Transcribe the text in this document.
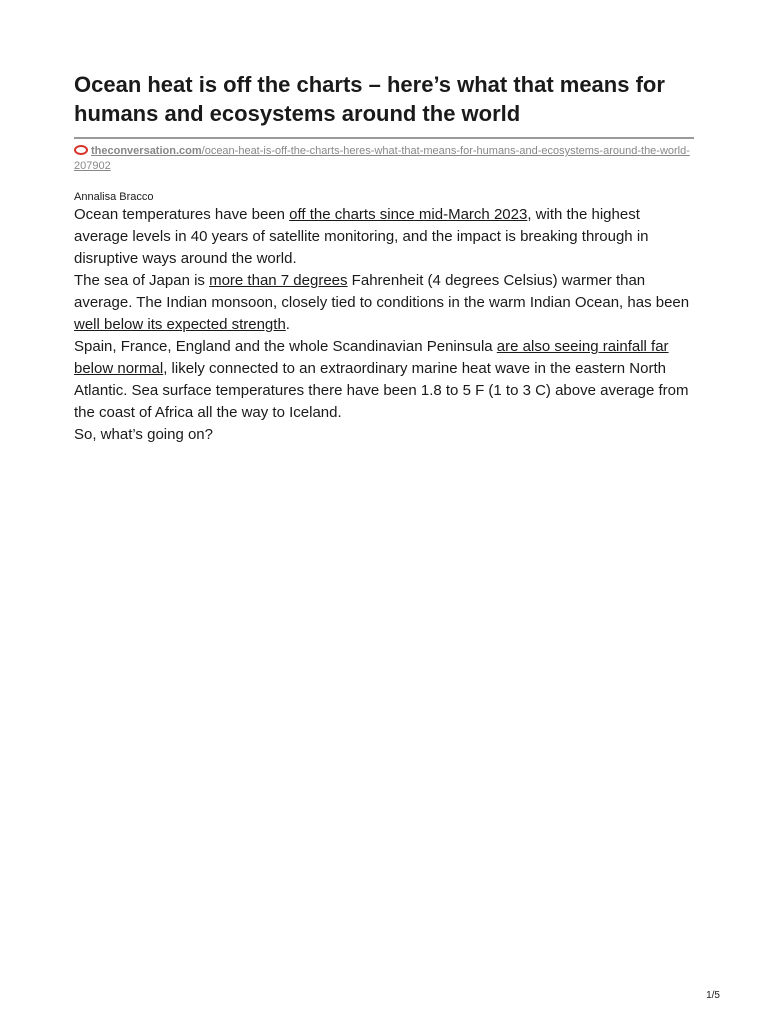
Ocean heat is off the charts – here’s what that means for humans and ecosystems around the world
theconversation.com/ocean-heat-is-off-the-charts-heres-what-that-means-for-humans-and-ecosystems-around-the-world-207902
Annalisa Bracco

Ocean temperatures have been off the charts since mid-March 2023, with the highest average levels in 40 years of satellite monitoring, and the impact is breaking through in disruptive ways around the world.

The sea of Japan is more than 7 degrees Fahrenheit (4 degrees Celsius) warmer than average. The Indian monsoon, closely tied to conditions in the warm Indian Ocean, has been well below its expected strength.

Spain, France, England and the whole Scandinavian Peninsula are also seeing rainfall far below normal, likely connected to an extraordinary marine heat wave in the eastern North Atlantic. Sea surface temperatures there have been 1.8 to 5 F (1 to 3 C) above average from the coast of Africa all the way to Iceland.

So, what’s going on?

1/5
